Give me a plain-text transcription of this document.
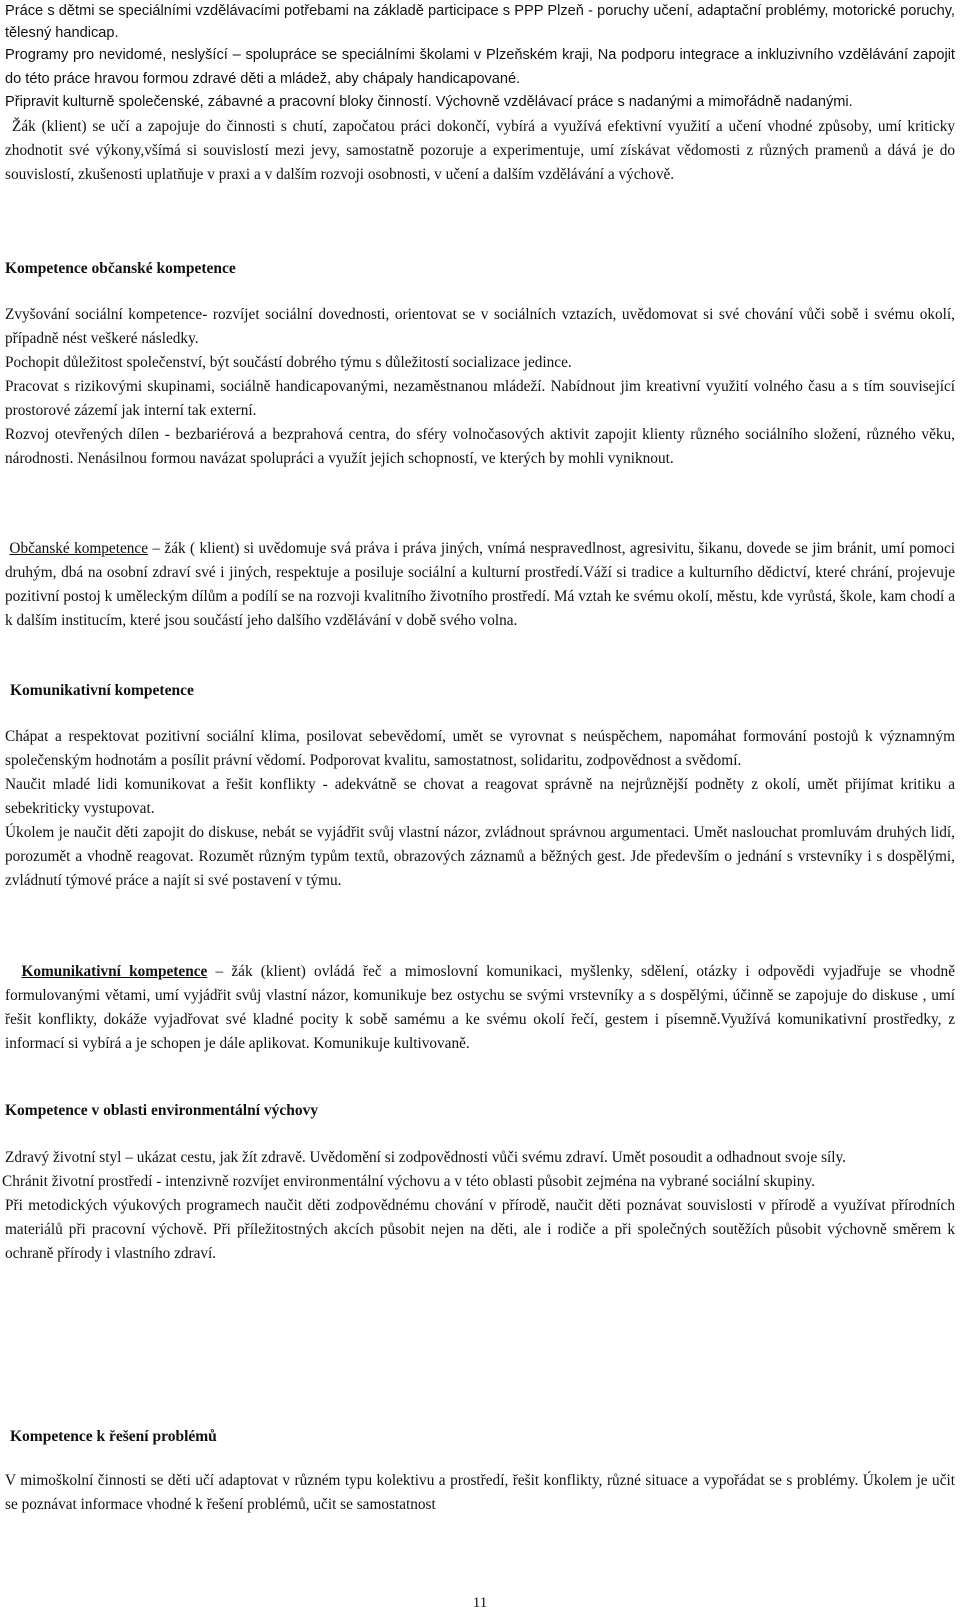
Práce s dětmi se speciálními vzdělávacími potřebami na základě participace s PPP Plzeň - poruchy učení, adaptační problémy, motorické poruchy, tělesný handicap.

Programy pro nevidomé, neslyšící – spolupráce se speciálními školami v Plzeňském kraji, Na podporu integrace a inkluzivního vzdělávání zapojit do této práce hravou formou zdravé děti a mládež, aby chápaly handicapované.

Připravit kulturně společenské, zábavné a pracovní bloky činností. Výchovně vzdělávací práce s nadanými a mimořádně nadanými.

Žák (klient) se učí a zapojuje do činnosti s chutí, započatou práci dokončí, vybírá a využívá efektivní využití a učení vhodné způsoby, umí kriticky zhodnotit své výkony,všímá si souvislostí mezi jevy, samostatně pozoruje a experimentuje, umí získávat vědomosti z různých pramenů a dává je do souvislostí, zkušenosti uplatňuje v praxi a v dalším rozvoji osobnosti, v učení a dalším vzdělávání a výchově.

Kompetence občanské kompetence

Zvyšování sociální kompetence- rozvíjet sociální dovednosti, orientovat se v sociálních vztazích, uvědomovat si své chování vůči sobě i svému okolí, případně nést veškeré následky.

Pochopit důležitost společenství, být součástí dobrého týmu s důležitostí socializace jedince.

Pracovat s rizikovými skupinami, sociálně handicapovanými, nezaměstnanou mládeží. Nabídnout jim kreativní využití volného času a s tím související prostorové zázemí jak interní tak externí.

Rozvoj otevřených dílen - bezbariérová a bezprahová centra, do sféry volnočasových aktivit zapojit klienty různého sociálního složení, různého věku, národnosti. Nenásilnou formou navázat spolupráci a využít jejich schopností, ve kterých by mohli vyniknout.

Občanské kompetence – žák ( klient) si uvědomuje svá práva i práva jiných, vnímá nespravedlnost, agresivitu, šikanu, dovede se jim bránit, umí pomoci druhým, dbá na osobní zdraví své i jiných, respektuje a posiluje sociální a kulturní prostředí.Váží si tradice a kulturního dědictví, které chrání, projevuje pozitivní postoj k uměleckým dílům a podílí se na rozvoji kvalitního životního prostředí. Má vztah ke svému okolí, městu, kde vyrůstá, škole, kam chodí a k dalším institucím, které jsou součástí jeho dalšího vzdělávání v době svého volna.

Komunikativní kompetence

Chápat a respektovat pozitivní sociální klima, posilovat sebevědomí, umět se vyrovnat s neúspěchem, napomáhat formování postojů k významným společenským hodnotám a posílit právní vědomí. Podporovat kvalitu, samostatnost, solidaritu, zodpovědnost a svědomí.

Naučit mladé lidi komunikovat a řešit konflikty - adekvátně se chovat a reagovat správně na nejrůznější podněty z okolí, umět přijímat kritiku a sebekriticky vystupovat.

Úkolem je naučit děti zapojit do diskuse, nebát se vyjádřit svůj vlastní názor, zvládnout správnou argumentaci. Umět naslouchat promluvám druhých lidí, porozumět a vhodně reagovat. Rozumět různým typům textů, obrazových záznamů a běžných gest. Jde především o jednání s vrstevníky i s dospělými, zvládnutí týmové práce a najít si své postavení v týmu.

Komunikativní kompetence – žák (klient) ovládá řeč a mimoslovní komunikaci, myšlenky, sdělení, otázky i odpovědi vyjadřuje se vhodně formulovanými větami, umí vyjádřit svůj vlastní názor, komunikuje bez ostychu se svými vrstevníky a s dospělými, účinně se zapojuje do diskuse , umí řešit konflikty, dokáže vyjadřovat své kladné pocity k sobě samému a ke svému okolí řečí, gestem i písemně.Využívá komunikativní prostředky, z informací si vybírá a je schopen je dále aplikovat. Komunikuje kultivovaně.

Kompetence v oblasti environmentální výchovy

Zdravý životní styl – ukázat cestu, jak žít zdravě. Uvědomění si zodpovědnosti vůči svému zdraví. Umět posoudit a odhadnout svoje síly.

Chránit životní prostředí - intenzivně rozvíjet environmentální výchovu a v této oblasti působit zejména na vybrané sociální skupiny.

Při metodických výukových programech naučit děti zodpovědnému chování v přírodě, naučit děti poznávat souvislosti v přírodě a využívat přírodních materiálů při pracovní výchově. Při příležitostných akcích působit nejen na děti, ale i rodiče a při společných soutěžích působit výchovně směrem k ochraně přírody i vlastního zdraví.

Kompetence k řešení problémů

V mimoškolní činnosti se děti učí adaptovat v různém typu kolektivu a prostředí, řešit konflikty, různé situace a vypořádat se s problémy. Úkolem je učit se poznávat informace vhodné k řešení problémů, učit se samostatnost

11
